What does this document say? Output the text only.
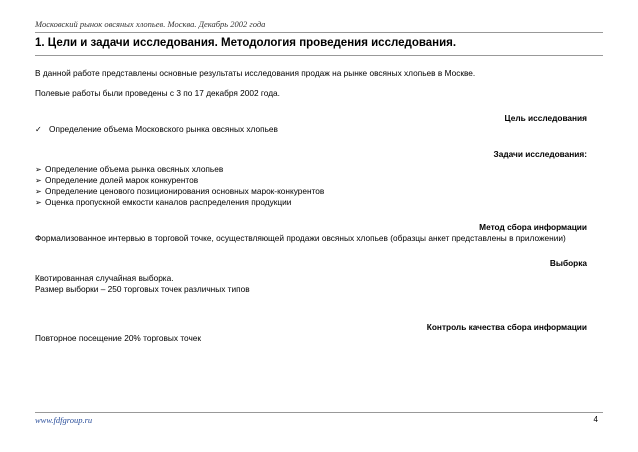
Московский рынок овсяных хлопьев. Москва. Декабрь 2002 года
1. Цели и задачи исследования. Методология проведения исследования.

В данной работе представлены основные результаты исследования продаж на рынке овсяных хлопьев в Москве.

Полевые работы были проведены с 3 по 17 декабря 2002 года.

Цель исследования

✓ Определение объема Московского рынка овсяных хлопьев

Задачи исследования:

➢ Определение объема рынка овсяных хлопьев
➢ Определение долей марок конкурентов
➢ Определение ценового позиционирования основных марок-конкурентов
➢ Оценка пропускной емкости каналов распределения продукции

Метод сбора информации

Формализованное интервью в торговой точке, осуществляющей продажи овсяных хлопьев (образцы анкет представлены в приложении)

Выборка

Квотированная случайная выборка.

Размер выборки – 250 торговых точек различных типов

Контроль качества сбора информации

Повторное посещение 20% торговых точек

www.fdfgroup.ru	4
